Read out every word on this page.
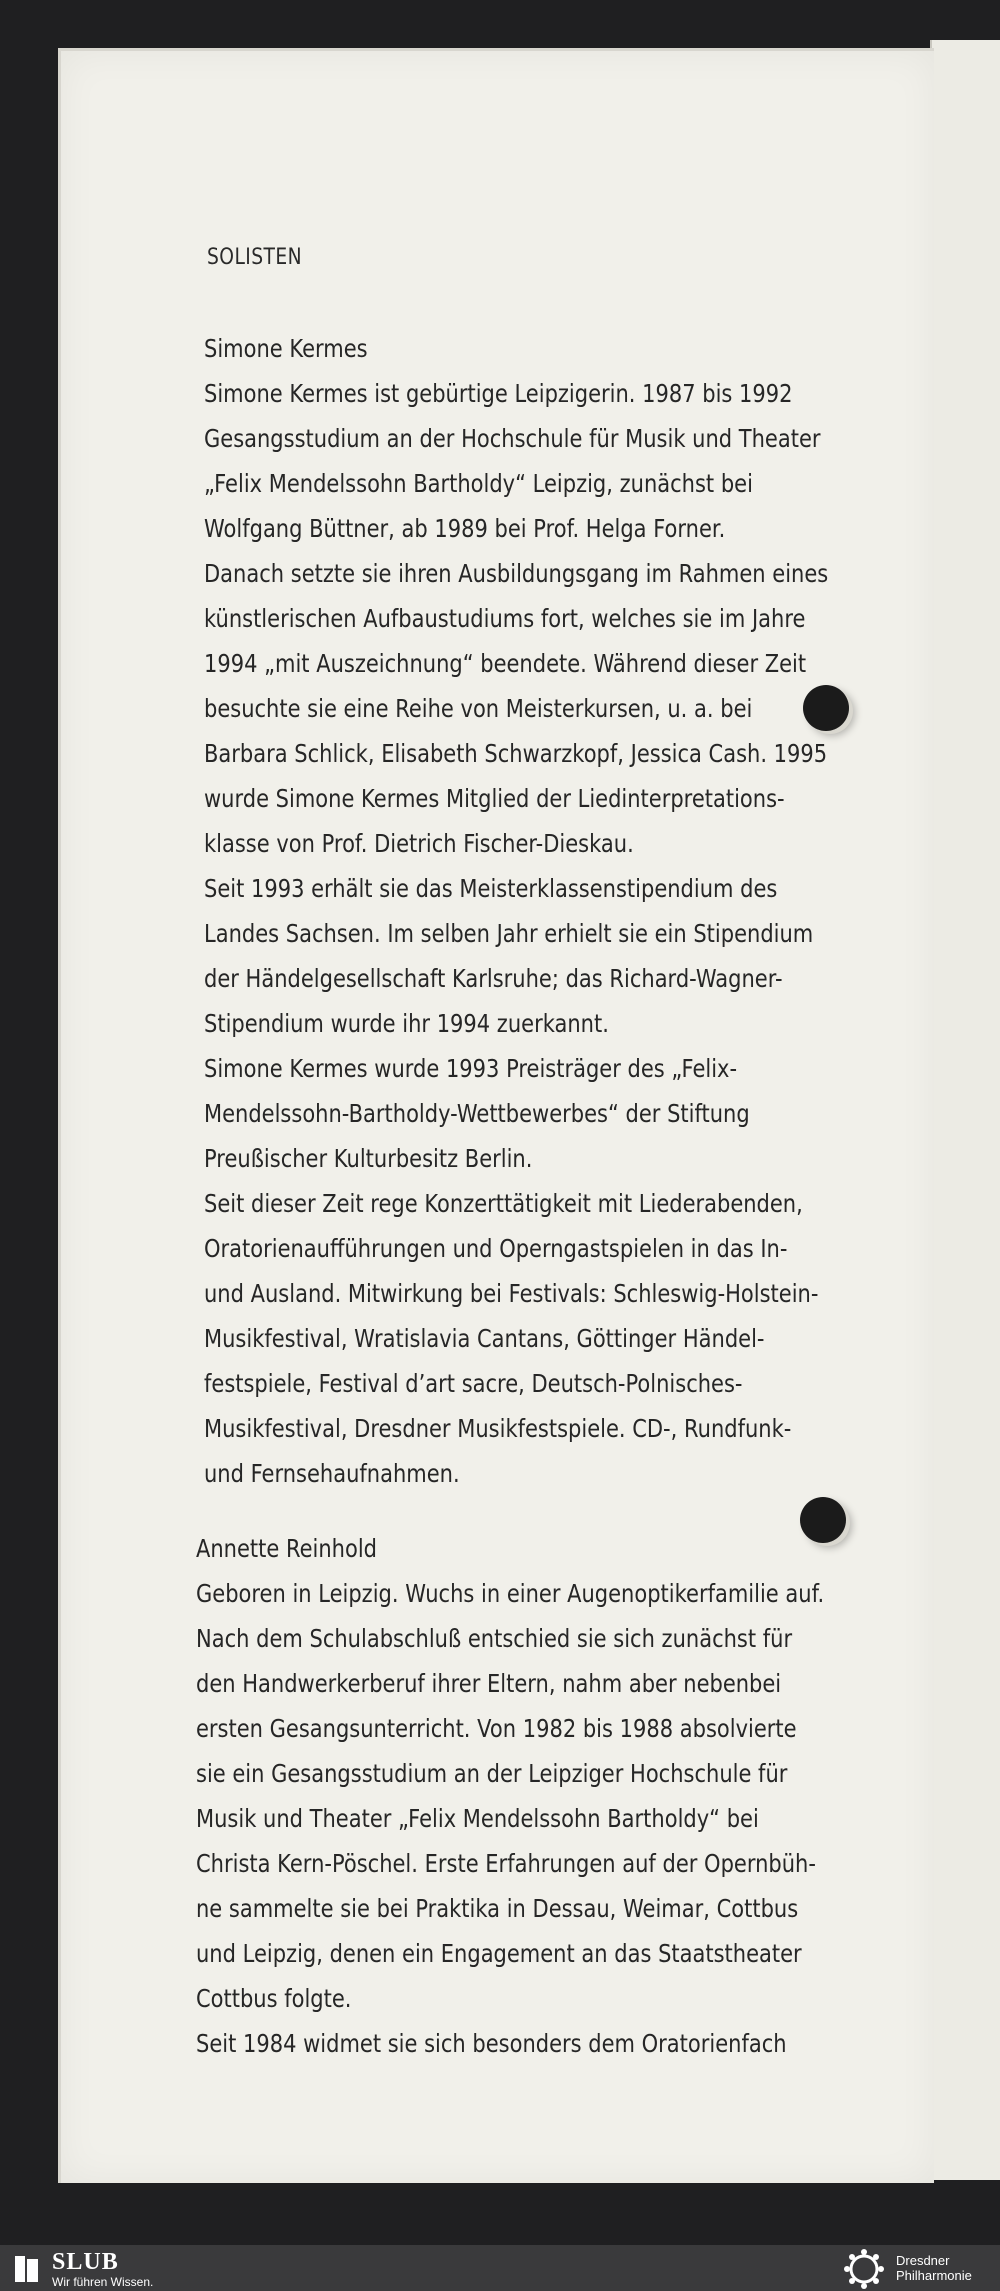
SOLISTEN
Simone Kermes
Simone Kermes ist gebürtige Leipzigerin. 1987 bis 1992
Gesangsstudium an der Hochschule für Musik und Theater
„Felix Mendelssohn Bartholdy“ Leipzig, zunächst bei
Wolfgang Büttner, ab 1989 bei Prof. Helga Forner.
Danach setzte sie ihren Ausbildungsgang im Rahmen eines
künstlerischen Aufbaustudiums fort, welches sie im Jahre
1994 „mit Auszeichnung“ beendete. Während dieser Zeit
besuchte sie eine Reihe von Meisterkursen, u. a. bei
Barbara Schlick, Elisabeth Schwarzkopf, Jessica Cash. 1995
wurde Simone Kermes Mitglied der Liedinterpretations-
klasse von Prof. Dietrich Fischer-Dieskau.
Seit 1993 erhält sie das Meisterklassenstipendium des
Landes Sachsen. Im selben Jahr erhielt sie ein Stipendium
der Händelgesellschaft Karlsruhe; das Richard-Wagner-
Stipendium wurde ihr 1994 zuerkannt.
Simone Kermes wurde 1993 Preisträger des „Felix-
Mendelssohn-Bartholdy-Wettbewerbes“ der Stiftung
Preußischer Kulturbesitz Berlin.
Seit dieser Zeit rege Konzerttätigkeit mit Liederabenden,
Oratorienaufführungen und Operngastspielen in das In-
und Ausland. Mitwirkung bei Festivals: Schleswig-Holstein-
Musikfestival, Wratislavia Cantans, Göttinger Händel-
festspiele, Festival d’art sacre, Deutsch-Polnisches-
Musikfestival, Dresdner Musikfestspiele. CD-, Rundfunk-
und Fernsehaufnahmen.
Annette Reinhold
Geboren in Leipzig. Wuchs in einer Augenoptikerfamilie auf.
Nach dem Schulabschluß entschied sie sich zunächst für
den Handwerkerberuf ihrer Eltern, nahm aber nebenbei
ersten Gesangsunterricht. Von 1982 bis 1988 absolvierte
sie ein Gesangsstudium an der Leipziger Hochschule für
Musik und Theater „Felix Mendelssohn Bartholdy“ bei
Christa Kern-Pöschel. Erste Erfahrungen auf der Opernbüh-
ne sammelte sie bei Praktika in Dessau, Weimar, Cottbus
und Leipzig, denen ein Engagement an das Staatstheater
Cottbus folgte.
Seit 1984 widmet sie sich besonders dem Oratorienfach
SLUB
Wir führen Wissen.
Dresdner
Philharmonie
